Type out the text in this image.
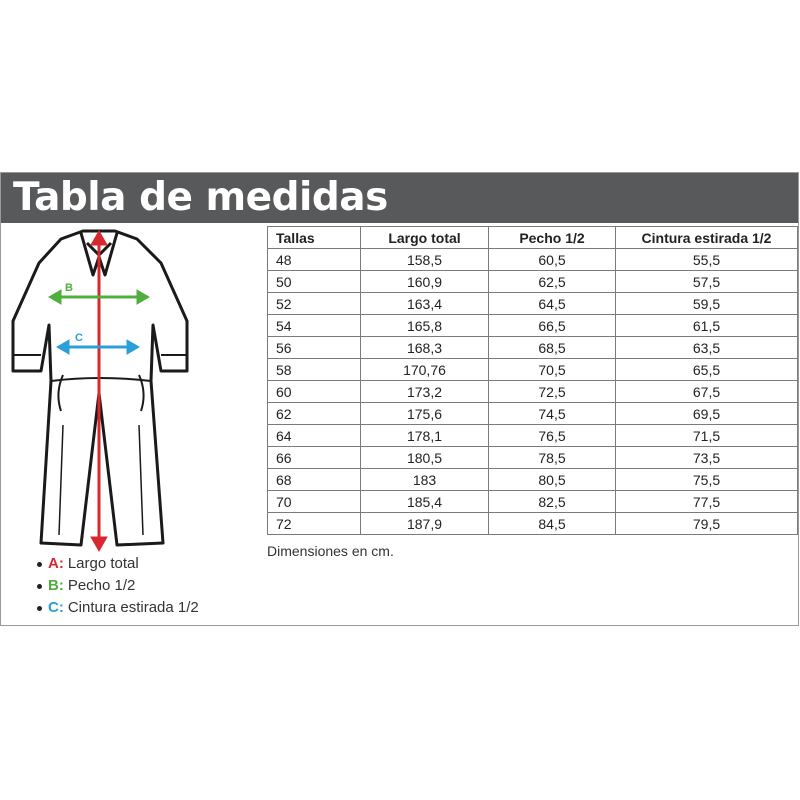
Tabla de medidas
B
C
A: Largo total
B: Pecho 1/2
C: Cintura estirada 1/2
Tallas	Largo total	Pecho 1/2	Cintura estirada 1/2
48	158,5	60,5	55,5
50	160,9	62,5	57,5
52	163,4	64,5	59,5
54	165,8	66,5	61,5
56	168,3	68,5	63,5
58	170,76	70,5	65,5
60	173,2	72,5	67,5
62	175,6	74,5	69,5
64	178,1	76,5	71,5
66	180,5	78,5	73,5
68	183	80,5	75,5
70	185,4	82,5	77,5
72	187,9	84,5	79,5
Dimensiones en cm.
